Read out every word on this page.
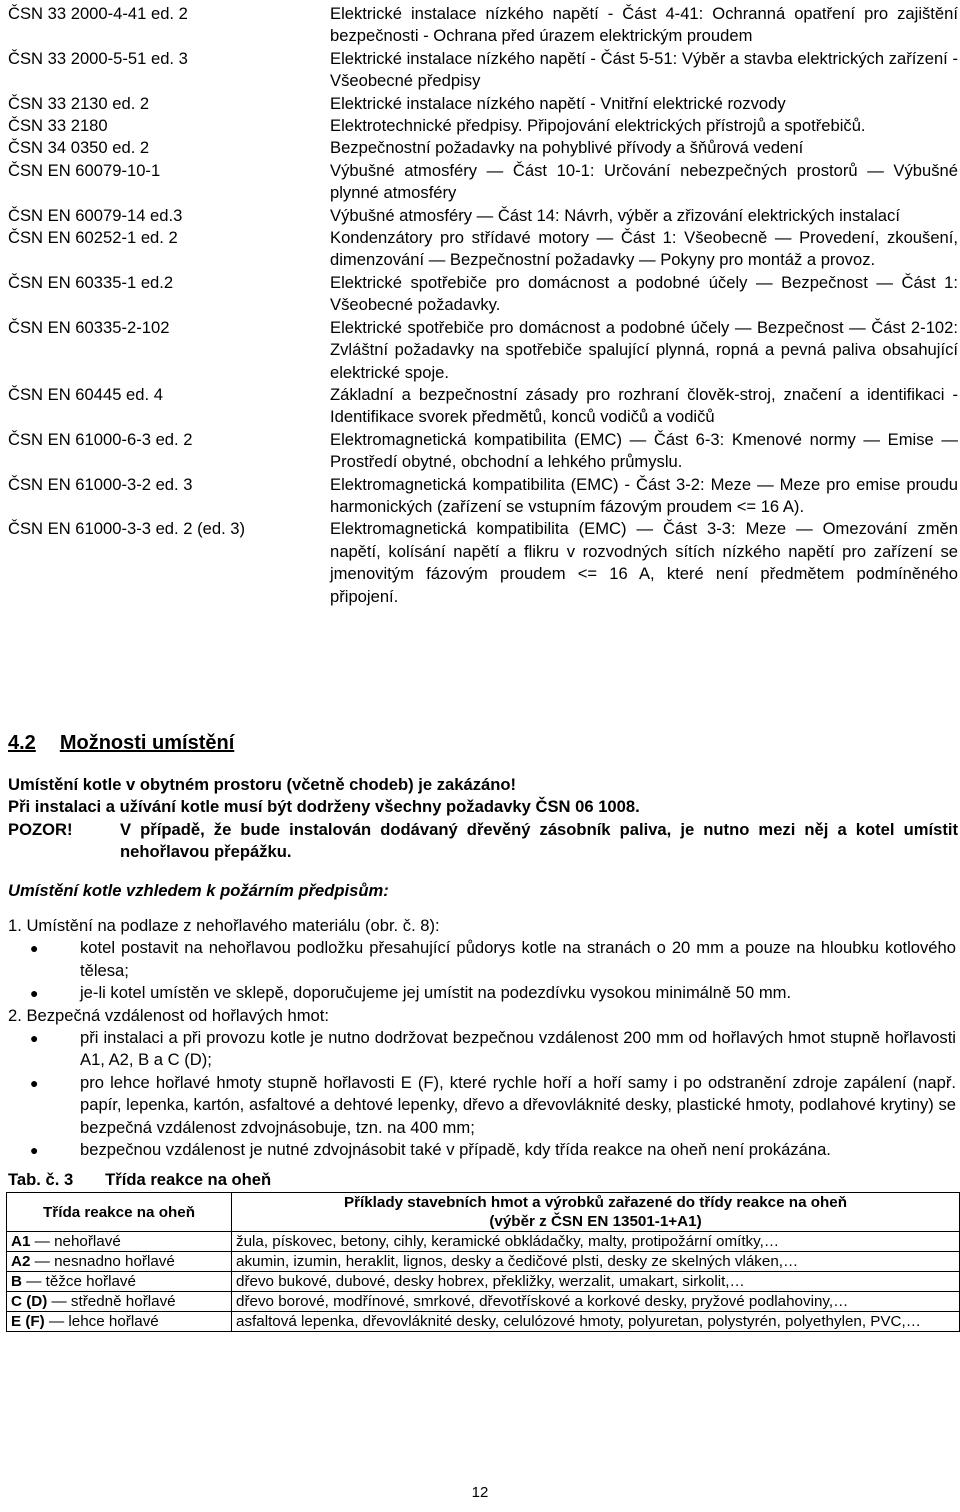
ČSN 33 2000-4-41 ed. 2	Elektrické instalace nízkého napětí - Část 4-41: Ochranná opatření pro zajištění bezpečnosti - Ochrana před úrazem elektrickým proudem
ČSN 33 2000-5-51 ed. 3	Elektrické instalace nízkého napětí - Část 5-51: Výběr a stavba elektrických zařízení - Všeobecné předpisy
ČSN 33 2130 ed. 2	Elektrické instalace nízkého napětí - Vnitřní elektrické rozvody
ČSN 33 2180	Elektrotechnické předpisy. Připojování elektrických přístrojů a spotřebičů.
ČSN 34 0350 ed. 2	Bezpečnostní požadavky na pohyblivé přívody a šňůrová vedení
ČSN EN 60079-10-1	Výbušné atmosféry — Část 10-1: Určování nebezpečných prostorů — Výbušné plynné atmosféry
ČSN EN 60079-14 ed.3	Výbušné atmosféry — Část 14: Návrh, výběr a zřizování elektrických instalací
ČSN EN 60252-1 ed. 2	Kondenzátory pro střídavé motory — Část 1: Všeobecně — Provedení, zkoušení, dimenzování — Bezpečnostní požadavky — Pokyny pro montáž a provoz.
ČSN EN 60335-1 ed.2	Elektrické spotřebiče pro domácnost a podobné účely — Bezpečnost — Část 1: Všeobecné požadavky.
ČSN EN 60335-2-102	Elektrické spotřebiče pro domácnost a podobné účely — Bezpečnost — Část 2-102: Zvláštní požadavky na spotřebiče spalující plynná, ropná a pevná paliva obsahující elektrické spoje.
ČSN EN 60445 ed. 4	Základní a bezpečnostní zásady pro rozhraní člověk-stroj, značení a identifikaci - Identifikace svorek předmětů, konců vodičů a vodičů
ČSN EN 61000-6-3 ed. 2	Elektromagnetická kompatibilita (EMC) — Část 6-3: Kmenové normy — Emise — Prostředí obytné, obchodní a lehkého průmyslu.
ČSN EN 61000-3-2 ed. 3	Elektromagnetická kompatibilita (EMC) - Část 3-2: Meze — Meze pro emise proudu harmonických (zařízení se vstupním fázovým proudem <= 16 A).
ČSN EN 61000-3-3 ed. 2 (ed. 3)	Elektromagnetická kompatibilita (EMC) — Část 3-3: Meze — Omezování změn napětí, kolísání napětí a flikru v rozvodných sítích nízkého napětí pro zařízení se jmenovitým fázovým proudem <= 16 A, které není předmětem podmíněného připojení.
4.2 Možnosti umístění
Umístění kotle v obytném prostoru (včetně chodeb) je zakázáno!
Při instalaci a užívání kotle musí být dodrženy všechny požadavky ČSN 06 1008.
POZOR!	V případě, že bude instalován dodávaný dřevěný zásobník paliva, je nutno mezi něj a kotel umístit nehořlavou přepážku.
Umístění kotle vzhledem k požárním předpisům:
1. Umístění na podlaze z nehořlavého materiálu (obr. č. 8):
●	kotel postavit na nehořlavou podložku přesahující půdorys kotle na stranách o 20 mm a pouze na hloubku kotlového tělesa;
●	je-li kotel umístěn ve sklepě, doporučujeme jej umístit na podezdívku vysokou minimálně 50 mm.
2. Bezpečná vzdálenost od hořlavých hmot:
●	při instalaci a při provozu kotle je nutno dodržovat bezpečnou vzdálenost 200 mm od hořlavých hmot stupně hořlavosti A1, A2, B a C (D);
●	pro lehce hořlavé hmoty stupně hořlavosti E (F), které rychle hoří a hoří samy i po odstranění zdroje zapálení (např. papír, lepenka, kartón, asfaltové a dehtové lepenky, dřevo a dřevovláknité desky, plastické hmoty, podlahové krytiny) se bezpečná vzdálenost zdvojnásobuje, tzn. na 400 mm;
●	bezpečnou vzdálenost je nutné zdvojnásobit také v případě, kdy třída reakce na oheň není prokázána.
Tab. č. 3 Třída reakce na oheň
Třída reakce na oheň	Příklady stavebních hmot a výrobků zařazené do třídy reakce na oheň
(výběr z ČSN EN 13501-1+A1)

A1 — nehořlavé	žula, pískovec, betony, cihly, keramické obkládačky, malty, protipožární omítky,…
A2 — nesnadno hořlavé	akumin, izumin, heraklit, lignos, desky a čedičové plsti, desky ze skelných vláken,…
B — těžce hořlavé	dřevo bukové, dubové, desky hobrex, překližky, werzalit, umakart, sirkolit,…
C (D) — středně hořlavé	dřevo borové, modřínové, smrkové, dřevotřískové a korkové desky, pryžové podlahoviny,…
E (F) — lehce hořlavé	asfaltová lepenka, dřevovláknité desky, celulózové hmoty, polyuretan, polystyrén, polyethylen, PVC,…
12
